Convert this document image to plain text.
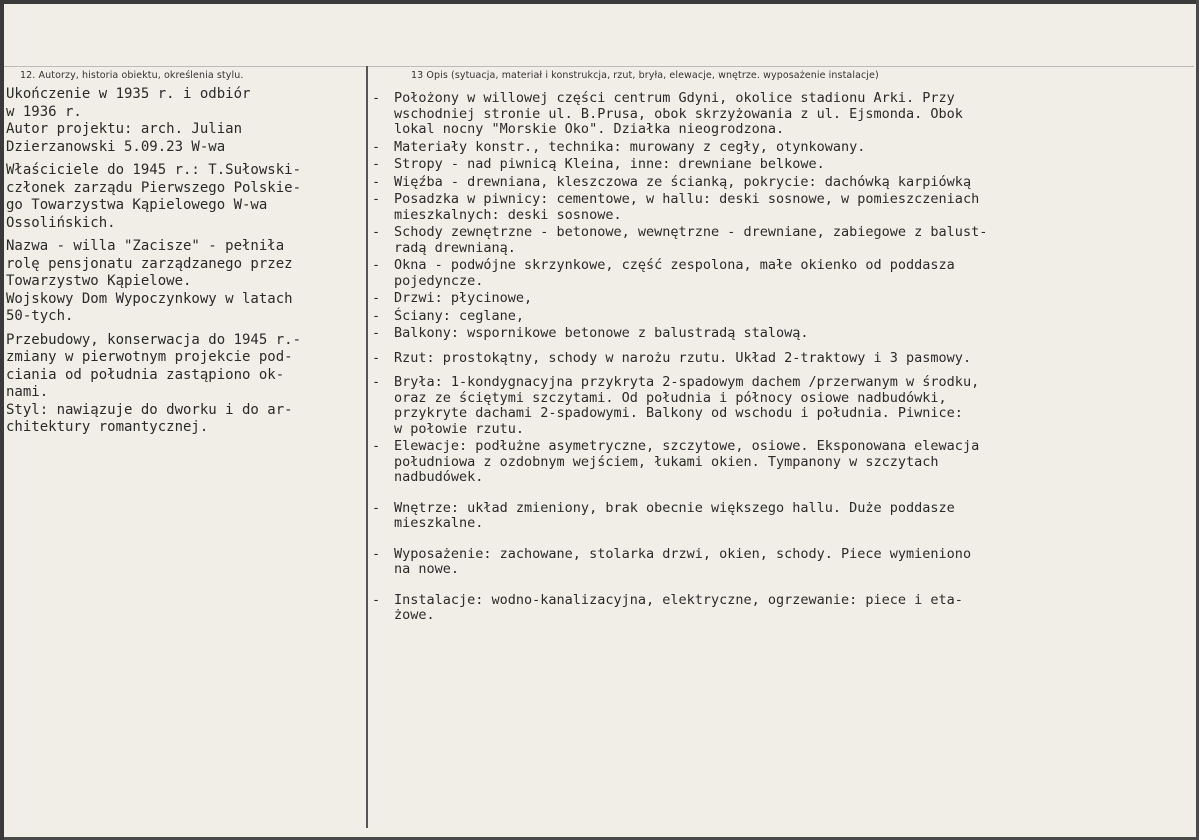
12. Autorzy, historia obiektu, określenia stylu.	13 Opis (sytuacja, materiał i konstrukcja, rzut, bryła, elewacje, wnętrze. wyposażenie instalacje)

Ukończenie w 1935 r. i odbiór
w 1936 r.
Autor projektu: arch. Julian
Dzierzanowski 5.09.23 W-wa

Właściciele do 1945 r.: T.Sułowski-
członek zarządu Pierwszego Polskie-
go Towarzystwa Kąpielowego W-wa
Ossolińskich.

Nazwa - willa "Zacisze" - pełniła
rolę pensjonatu zarządzanego przez
Towarzystwo Kąpielowe.
Wojskowy Dom Wypoczynkowy w latach
50-tych.

Przebudowy, konserwacja do 1945 r.-
zmiany w pierwotnym projekcie pod-
ciania od południa zastąpiono ok-
nami.
Styl: nawiązuje do dworku i do ar-
chitektury romantycznej.

-	Położony w willowej części centrum Gdyni, okolice stadionu Arki. Przy
wschodniej stronie ul. B.Prusa, obok skrzyżowania z ul. Ejsmonda. Obok
lokal nocny "Morskie Oko". Działka nieogrodzona.
-	Materiały konstr., technika: murowany z cegły, otynkowany.
-	Stropy - nad piwnicą Kleina, inne: drewniane belkowe.
-	Więźba - drewniana, kleszczowa ze ścianką, pokrycie: dachówką karpiówką
-	Posadzka w piwnicy: cementowe, w hallu: deski sosnowe, w pomieszczeniach
mieszkalnych: deski sosnowe.
-	Schody zewnętrzne - betonowe, wewnętrzne - drewniane, zabiegowe z balust-
radą drewnianą.
-	Okna - podwójne skrzynkowe, część zespolona, małe okienko od poddasza
pojedyncze.
-	Drzwi: płycinowe,
-	Ściany: ceglane,
-	Balkony: wspornikowe betonowe z balustradą stalową.
-	Rzut: prostokątny, schody w narożu rzutu. Układ 2-traktowy i 3 pasmowy.
-	Bryła: 1-kondygnacyjna przykryta 2-spadowym dachem /przerwanym w środku,
oraz ze ściętymi szczytami. Od południa i północy osiowe nadbudówki,
przykryte dachami 2-spadowymi. Balkony od wschodu i południa. Piwnice:
w połowie rzutu.
-	Elewacje: podłużne asymetryczne, szczytowe, osiowe. Eksponowana elewacja
południowa z ozdobnym wejściem, łukami okien. Tympanony w szczytach
nadbudówek.
-	Wnętrze: układ zmieniony, brak obecnie większego hallu. Duże poddasze
mieszkalne.
-	Wyposażenie: zachowane, stolarka drzwi, okien, schody. Piece wymieniono
na nowe.
-	Instalacje: wodno-kanalizacyjna, elektryczne, ogrzewanie: piece i eta-
żowe.
